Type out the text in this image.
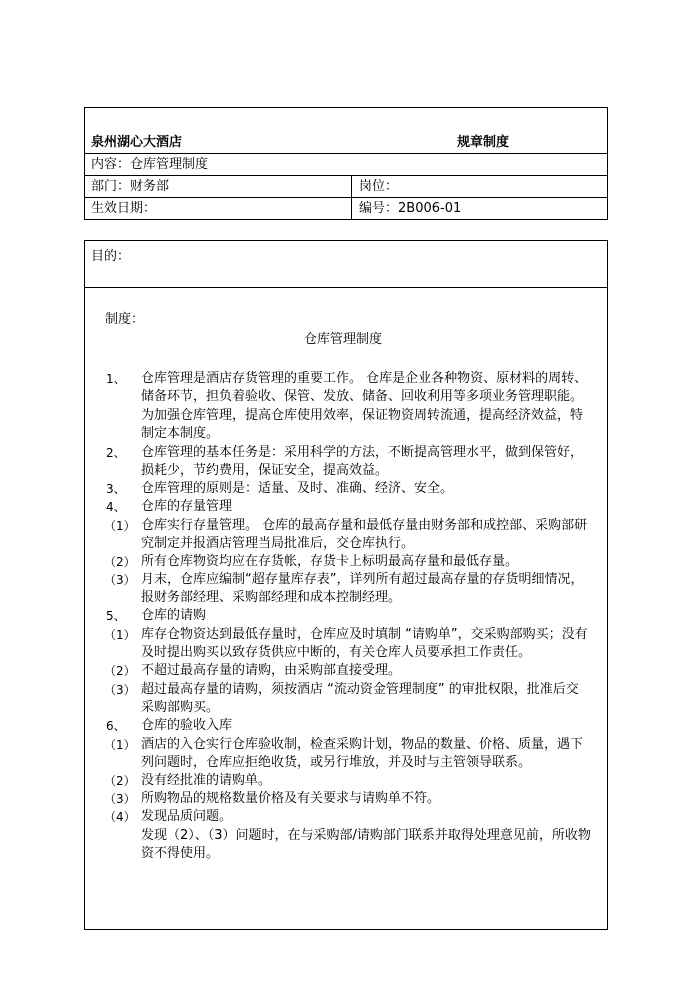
泉州湖心大酒店	规章制度
内容：仓库管理制度
部门：财务部	岗位：
生效日期：	编号：2B006-01
目的：
制度：
仓库管理制度
1、 仓库管理是酒店存货管理的重要工作。 仓库是企业各种物资、原材料的周转、储备环节，担负着验收、保管、发放、储备、回收利用等多项业务管理职能。 为加强仓库管理，提高仓库使用效率，保证物资周转流通，提高经济效益，特制定本制度。
2、 仓库管理的基本任务是：采用科学的方法，不断提高管理水平，做到保管好，损耗少，节约费用，保证安全，提高效益。
3、 仓库管理的原则是：适量、及时、准确、经济、安全。
4、 仓库的存量管理
（1） 仓库实行存量管理。 仓库的最高存量和最低存量由财务部和成控部、采购部研究制定并报酒店管理当局批准后，交仓库执行。
（2） 所有仓库物资均应在存货帐，存货卡上标明最高存量和最低存量。
（3） 月末，仓库应编制“超存量库存表”，详列所有超过最高存量的存货明细情况，报财务部经理、采购部经理和成本控制经理。
5、 仓库的请购
（1） 库存仓物资达到最低存量时，仓库应及时填制 “请购单”，交采购部购买；没有及时提出购买以致存货供应中断的，有关仓库人员要承担工作责任。
（2） 不超过最高存量的请购，由采购部直接受理。
（3） 超过最高存量的请购，须按酒店 “流动资金管理制度” 的审批权限，批准后交采购部购买。
6、 仓库的验收入库
（1） 酒店的入仓实行仓库验收制，检查采购计划，物品的数量、价格、质量，遇下列问题时，仓库应拒绝收货，或另行堆放，并及时与主管领导联系。
（2） 没有经批准的请购单。
（3） 所购物品的规格数量价格及有关要求与请购单不符。
（4） 发现品质问题。
发现（2）、（3）问题时，在与采购部/请购部门联系并取得处理意见前，所收物资不得使用。
